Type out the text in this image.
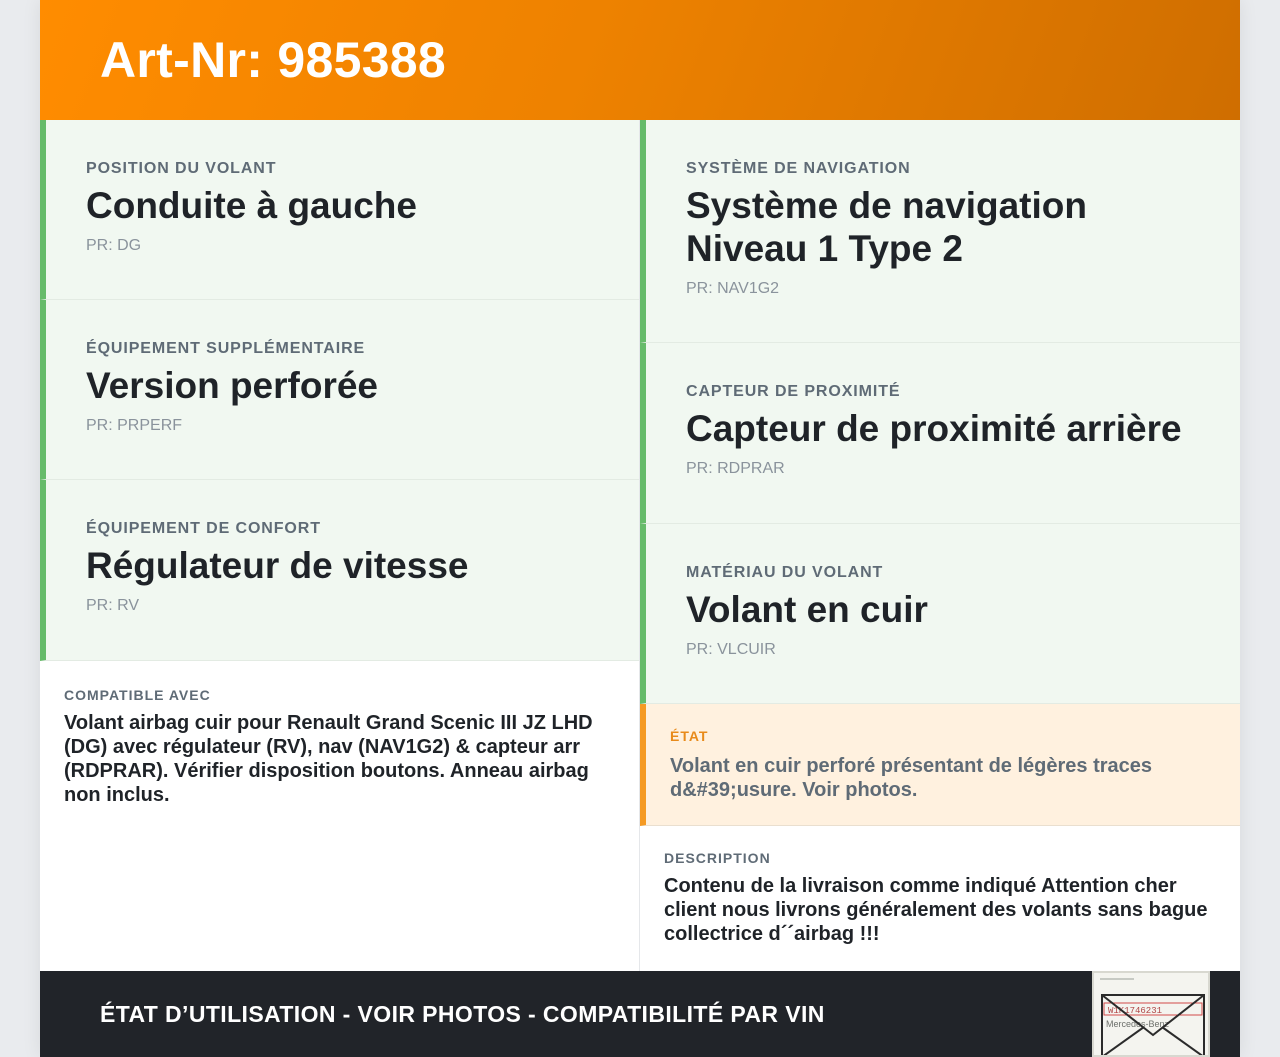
Art-Nr: 985388
POSITION DU VOLANT
Conduite à gauche
PR: DG
ÉQUIPEMENT SUPPLÉMENTAIRE
Version perforée
PR: PRPERF
ÉQUIPEMENT DE CONFORT
Régulateur de vitesse
PR: RV
COMPATIBLE AVEC
Volant airbag cuir pour Renault Grand Scenic III JZ LHD (DG) avec régulateur (RV), nav (NAV1G2) & capteur arr (RDPRAR). Vérifier disposition boutons. Anneau airbag non inclus.
SYSTÈME DE NAVIGATION
Système de navigation Niveau 1 Type 2
PR: NAV1G2
CAPTEUR DE PROXIMITÉ
Capteur de proximité arrière
PR: RDPRAR
MATÉRIAU DU VOLANT
Volant en cuir
PR: VLCUIR
ÉTAT
Volant en cuir perforé présentant de légères traces d&#39;usure. Voir photos.
DESCRIPTION
Contenu de la livraison comme indiqué Attention cher client nous livrons généralement des volants sans bague collectrice d´´airbag !!!
ÉTAT D’UTILISATION - VOIR PHOTOS - COMPATIBILITÉ PAR VIN	W1K1746231
Mercedes-Benz
